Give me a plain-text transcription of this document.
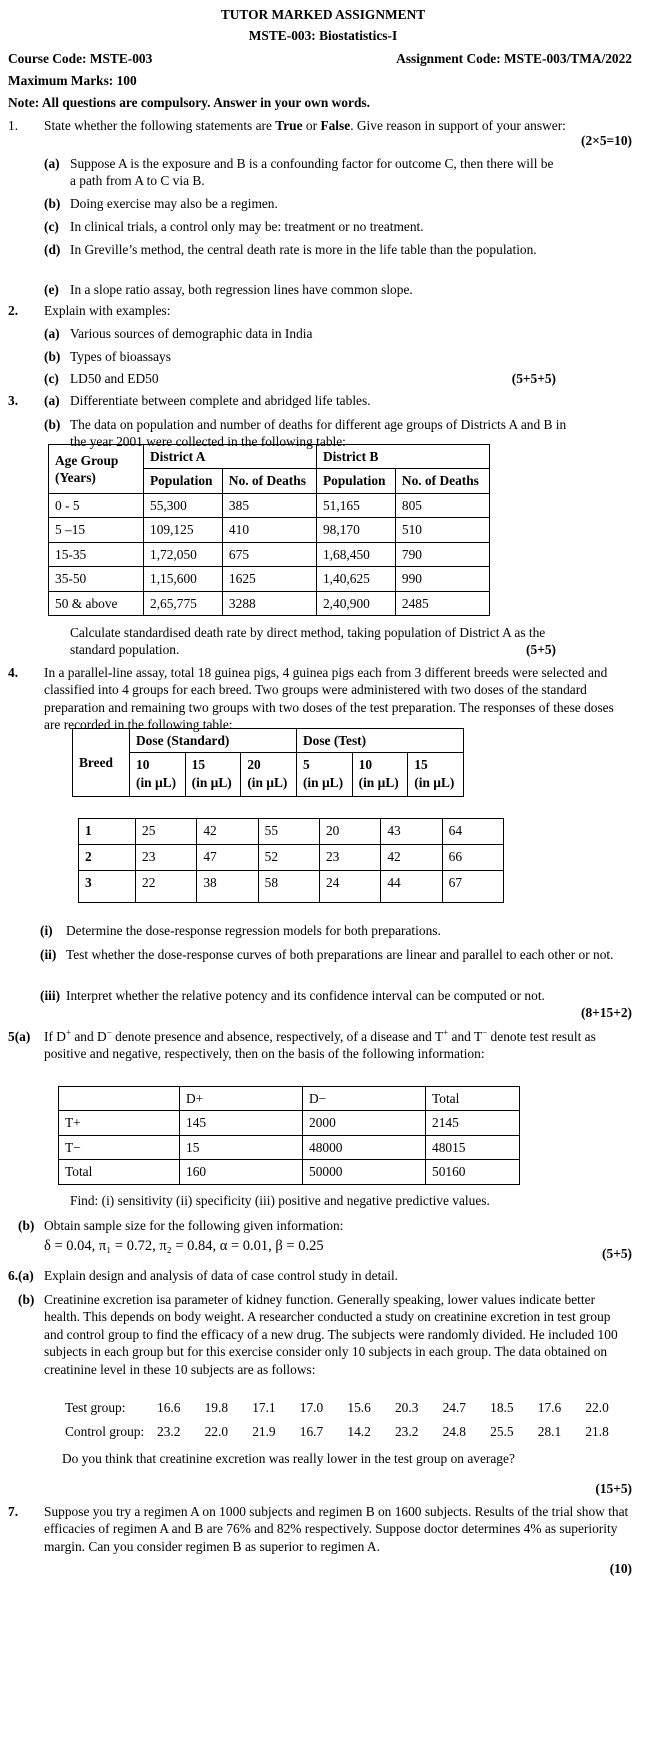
TUTOR MARKED ASSIGNMENT
MSTE-003: Biostatistics-I
Course Code: MSTE-003	Assignment Code: MSTE-003/TMA/2022
Maximum Marks: 100
Note: All questions are compulsory. Answer in your own words.
1. State whether the following statements are True or False. Give reason in support of your answer:
(2×5=10)
(a) Suppose A is the exposure and B is a confounding factor for outcome C, then there will be a path from A to C via B.
(b) Doing exercise may also be a regimen.
(c) In clinical trials, a control only may be: treatment or no treatment.
(d) In Greville’s method, the central death rate is more in the life table than the population.
(e) In a slope ratio assay, both regression lines have common slope.
2. Explain with examples:
(a) Various sources of demographic data in India
(b) Types of bioassays
(c) LD50 and ED50	(5+5+5)
3. (a) Differentiate between complete and abridged life tables.
(b) The data on population and number of deaths for different age groups of Districts A and B in the year 2001 were collected in the following table:
Age Group (Years)	District A		District B	
	Population	No. of Deaths	Population	No. of Deaths
0 - 5	55,300	385	51,165	805
5 –15	109,125	410	98,170	510
15-35	1,72,050	675	1,68,450	790
35-50	1,15,600	1625	1,40,625	990
50 & above	2,65,775	3288	2,40,900	2485
Calculate standardised death rate by direct method, taking population of District A as the standard population.	(5+5)
4. In a parallel-line assay, total 18 guinea pigs, 4 guinea pigs each from 3 different breeds were selected and classified into 4 groups for each breed. Two groups were administered with two doses of the standard preparation and remaining two groups with two doses of the test preparation. The responses of these doses are recorded in the following table:
Breed	Dose (Standard)			Dose (Test)		
	10
(in µL)	15
(in µL)	20
(in µL)	5
(in µL)	10
(in µL)	15
(in µL)
1	25	42	55	20	43	64
2	23	47	52	23	42	66
3	22	38	58	24	44	67
(i) Determine the dose-response regression models for both preparations.
(ii) Test whether the dose-response curves of both preparations are linear and parallel to each other or not.
(iii) Interpret whether the relative potency and its confidence interval can be computed or not.
(8+15+2)
5(a) If D+ and D− denote presence and absence, respectively, of a disease and T+ and T− denote test result as positive and negative, respectively, then on the basis of the following information:
	D+	D−	Total
T+	145	2000	2145
T−	15	48000	48015
Total	160	50000	50160
Find: (i) sensitivity (ii) specificity (iii) positive and negative predictive values.
(b) Obtain sample size for the following given information:
δ = 0.04, π₁ = 0.72, π₂ = 0.84, α = 0.01, β = 0.25	(5+5)
6.(a) Explain design and analysis of data of case control study in detail.
(b) Creatinine excretion isa parameter of kidney function. Generally speaking, lower values indicate better health. This depends on body weight. A researcher conducted a study on creatinine excretion in test group and control group to find the efficacy of a new drug. The subjects were randomly divided. He included 100 subjects in each group but for this exercise consider only 10 subjects in each group. The data obtained on creatinine level in these 10 subjects are as follows:
Test group:	16.6	19.8	17.1	17.0	15.6	20.3	24.7	18.5	17.6	22.0
Control group:	23.2	22.0	21.9	16.7	14.2	23.2	24.8	25.5	28.1	21.8
Do you think that creatinine excretion was really lower in the test group on average?
(15+5)
7. Suppose you try a regimen A on 1000 subjects and regimen B on 1600 subjects. Results of the trial show that efficacies of regimen A and B are 76% and 82% respectively. Suppose doctor determines 4% as superiority margin. Can you consider regimen B as superior to regimen A.
(10)
